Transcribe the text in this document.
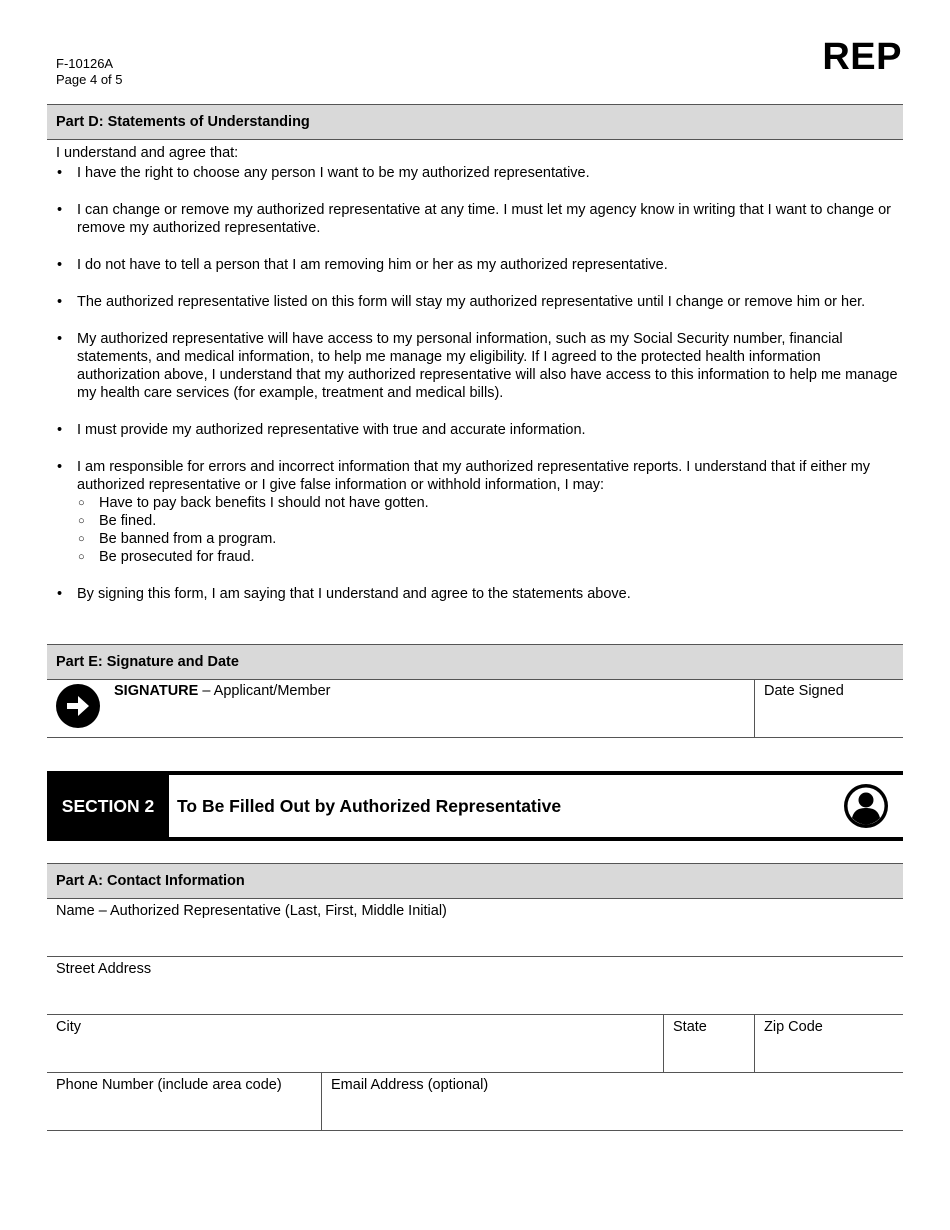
F-10126A
Page 4 of 5
REP
Part D: Statements of Understanding
I understand and agree that:
• I have the right to choose any person I want to be my authorized representative.
• I can change or remove my authorized representative at any time. I must let my agency know in writing that I want to change or remove my authorized representative.
• I do not have to tell a person that I am removing him or her as my authorized representative.
• The authorized representative listed on this form will stay my authorized representative until I change or remove him or her.
• My authorized representative will have access to my personal information, such as my Social Security number, financial statements, and medical information, to help me manage my eligibility. If I agreed to the protected health information authorization above, I understand that my authorized representative will also have access to this information to help me manage my health care services (for example, treatment and medical bills).
• I must provide my authorized representative with true and accurate information.
• I am responsible for errors and incorrect information that my authorized representative reports. I understand that if either my authorized representative or I give false information or withhold information, I may:
○ Have to pay back benefits I should not have gotten.
○ Be fined.
○ Be banned from a program.
○ Be prosecuted for fraud.
• By signing this form, I am saying that I understand and agree to the statements above.
Part E: Signature and Date
SIGNATURE – Applicant/Member	Date Signed
SECTION 2	To Be Filled Out by Authorized Representative
Part A: Contact Information
Name – Authorized Representative (Last, First, Middle Initial)
Street Address
City	State	Zip Code
Phone Number (include area code)	Email Address (optional)
